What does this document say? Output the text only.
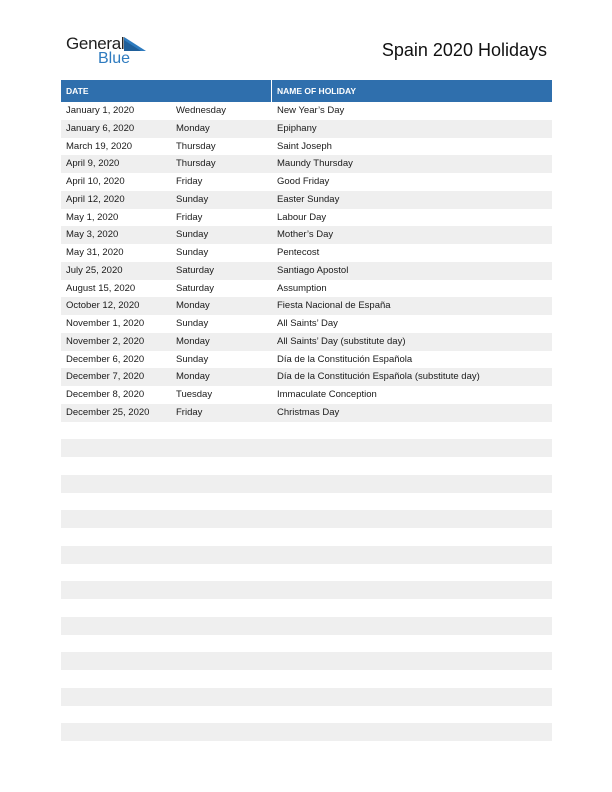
General
Blue	Spain 2020 Holidays
DATE	NAME OF HOLIDAY
January 1, 2020	Wednesday	New Year’s Day
January 6, 2020	Monday	Epiphany
March 19, 2020	Thursday	Saint Joseph
April 9, 2020	Thursday	Maundy Thursday
April 10, 2020	Friday	Good Friday
April 12, 2020	Sunday	Easter Sunday
May 1, 2020	Friday	Labour Day
May 3, 2020	Sunday	Mother’s Day
May 31, 2020	Sunday	Pentecost
July 25, 2020	Saturday	Santiago Apostol
August 15, 2020	Saturday	Assumption
October 12, 2020	Monday	Fiesta Nacional de España
November 1, 2020	Sunday	All Saints’ Day
November 2, 2020	Monday	All Saints’ Day (substitute day)
December 6, 2020	Sunday	Día de la Constitución Española
December 7, 2020	Monday	Día de la Constitución Española (substitute day)
December 8, 2020	Tuesday	Immaculate Conception
December 25, 2020	Friday	Christmas Day
